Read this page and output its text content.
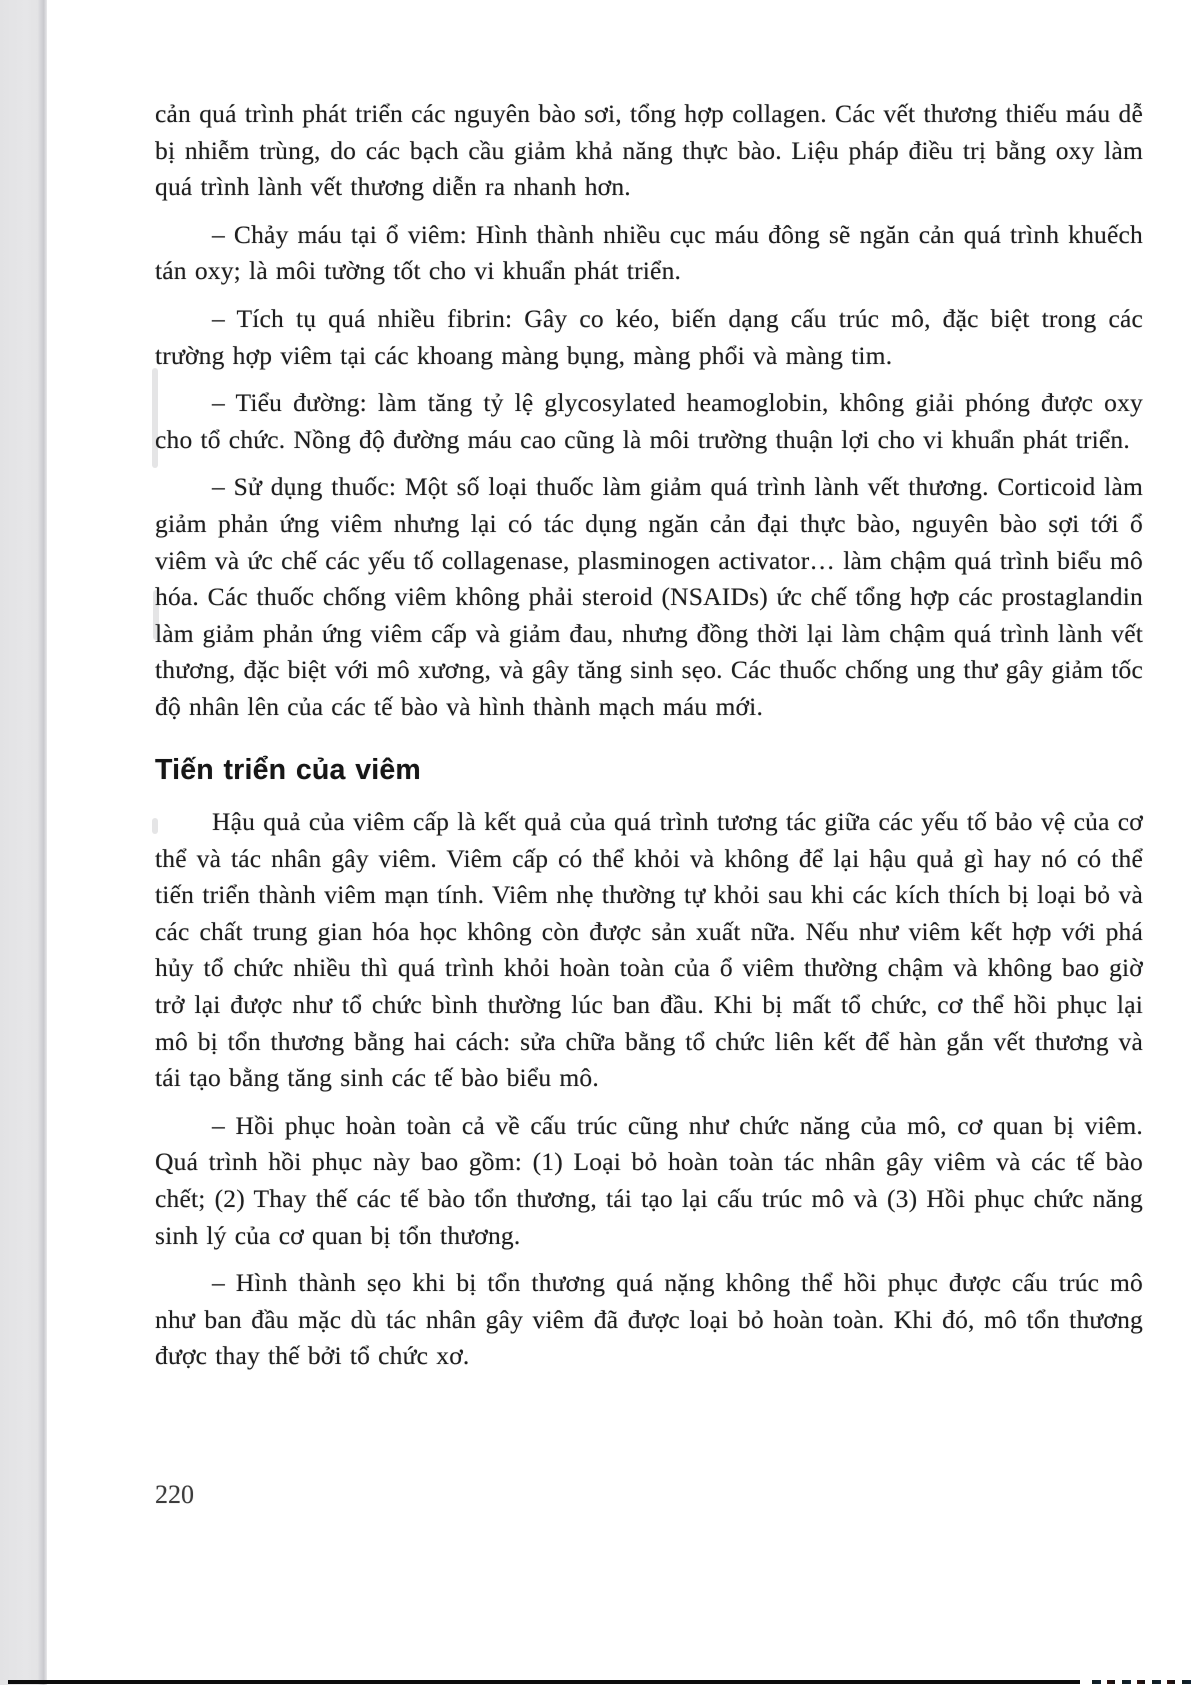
cản quá trình phát triển các nguyên bào sơi, tổng hợp collagen. Các vết thương thiếu máu dễ bị nhiễm trùng, do các bạch cầu giảm khả năng thực bào. Liệu pháp điều trị bằng oxy làm quá trình lành vết thương diễn ra nhanh hơn.

– Chảy máu tại ổ viêm: Hình thành nhiều cục máu đông sẽ ngăn cản quá trình khuếch tán oxy; là môi tường tốt cho vi khuẩn phát triển.

– Tích tụ quá nhiều fibrin: Gây co kéo, biến dạng cấu trúc mô, đặc biệt trong các trường hợp viêm tại các khoang màng bụng, màng phổi và màng tim.

– Tiểu đường: làm tăng tỷ lệ glycosylated heamoglobin, không giải phóng được oxy cho tổ chức. Nồng độ đường máu cao cũng là môi trường thuận lợi cho vi khuẩn phát triển.

– Sử dụng thuốc: Một số loại thuốc làm giảm quá trình lành vết thương. Corticoid làm giảm phản ứng viêm nhưng lại có tác dụng ngăn cản đại thực bào, nguyên bào sợi tới ổ viêm và ức chế các yếu tố collagenase, plasminogen activator… làm chậm quá trình biểu mô hóa. Các thuốc chống viêm không phải steroid (NSAIDs) ức chế tổng hợp các prostaglandin làm giảm phản ứng viêm cấp và giảm đau, nhưng đồng thời lại làm chậm quá trình lành vết thương, đặc biệt với mô xương, và gây tăng sinh sẹo. Các thuốc chống ung thư gây giảm tốc độ nhân lên của các tế bào và hình thành mạch máu mới.

Tiến triển của viêm

Hậu quả của viêm cấp là kết quả của quá trình tương tác giữa các yếu tố bảo vệ của cơ thể và tác nhân gây viêm. Viêm cấp có thể khỏi và không để lại hậu quả gì hay nó có thể tiến triển thành viêm mạn tính. Viêm nhẹ thường tự khỏi sau khi các kích thích bị loại bỏ và các chất trung gian hóa học không còn được sản xuất nữa. Nếu như viêm kết hợp với phá hủy tổ chức nhiều thì quá trình khỏi hoàn toàn của ổ viêm thường chậm và không bao giờ trở lại được như tổ chức bình thường lúc ban đầu. Khi bị mất tổ chức, cơ thể hồi phục lại mô bị tổn thương bằng hai cách: sửa chữa bằng tổ chức liên kết để hàn gắn vết thương và tái tạo bằng tăng sinh các tế bào biểu mô.

– Hồi phục hoàn toàn cả về cấu trúc cũng như chức năng của mô, cơ quan bị viêm. Quá trình hồi phục này bao gồm: (1) Loại bỏ hoàn toàn tác nhân gây viêm và các tế bào chết; (2) Thay thế các tế bào tổn thương, tái tạo lại cấu trúc mô và (3) Hồi phục chức năng sinh lý của cơ quan bị tổn thương.

– Hình thành sẹo khi bị tổn thương quá nặng không thể hồi phục được cấu trúc mô như ban đầu mặc dù tác nhân gây viêm đã được loại bỏ hoàn toàn. Khi đó, mô tổn thương được thay thế bởi tổ chức xơ.

220
